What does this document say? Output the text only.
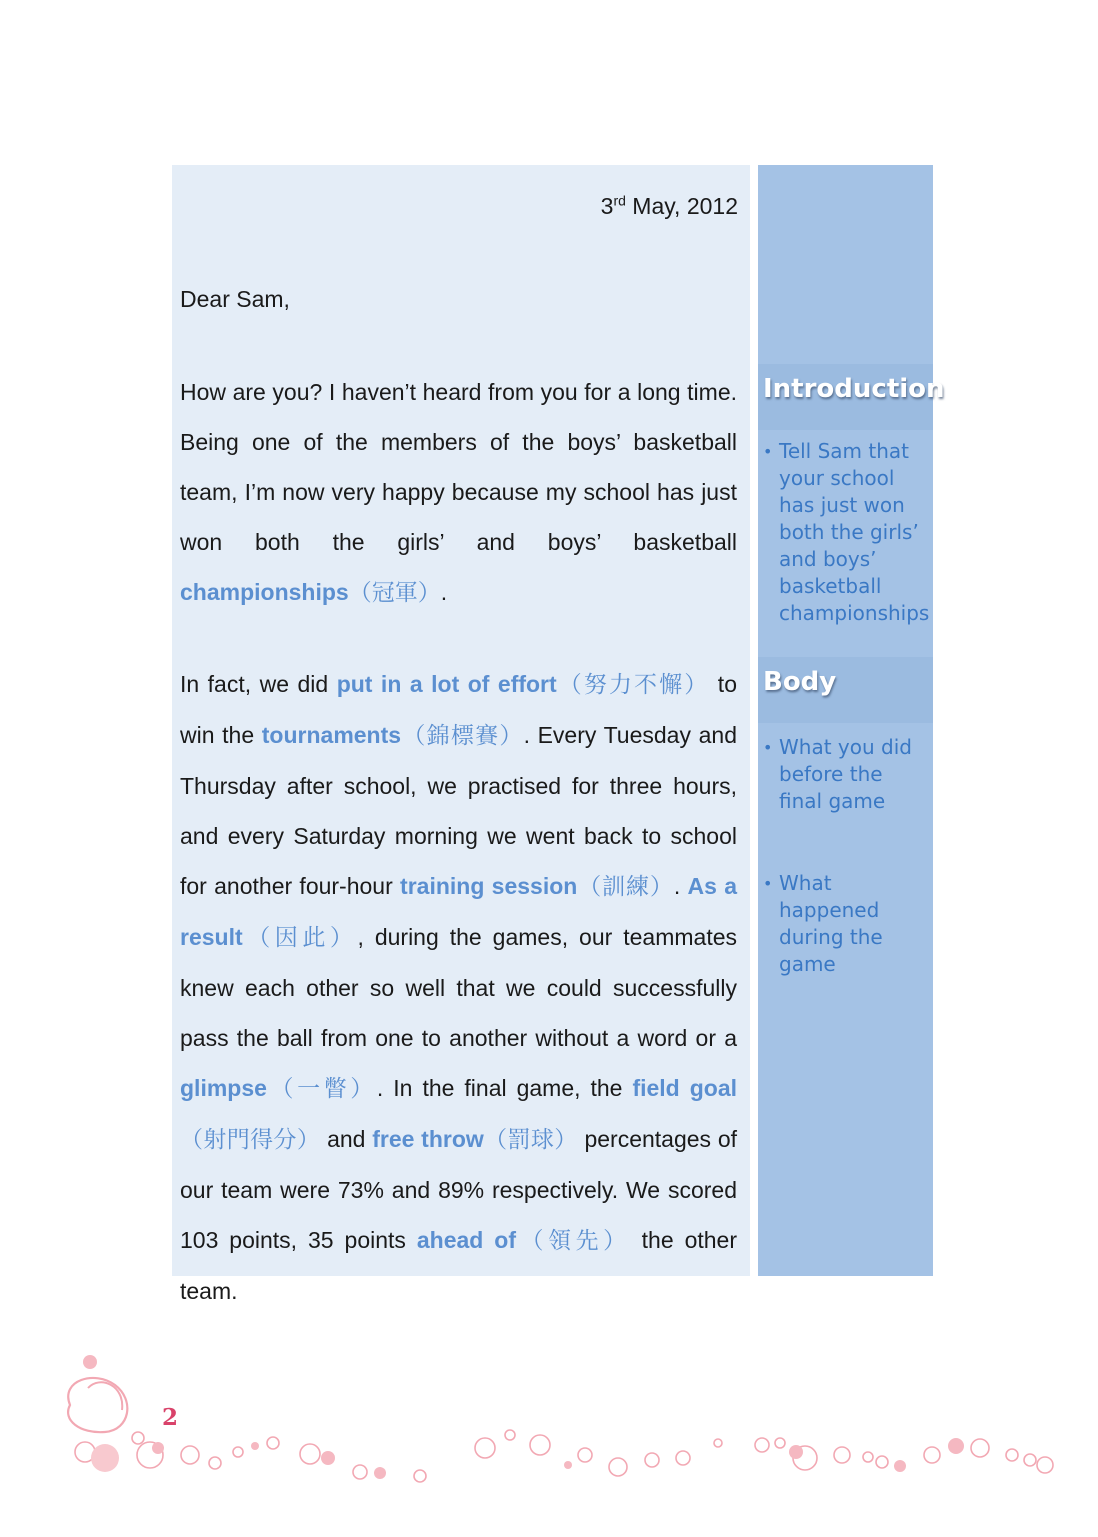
3rd May, 2012
Dear Sam,

How are you? I haven’t heard from you for a long time. Being one of the members of the boys’ basketball team, I’m now very happy because my school has just won both the girls’ and boys’ basketball championships（冠軍）.

In fact, we did put in a lot of effort（努力不懈） to win the tournaments（錦標賽）. Every Tuesday and Thursday after school, we practised for three hours, and every Saturday morning we went back to school for another four-hour training session（訓練）. As a result（因此）, during the games, our teammates knew each other so well that we could successfully pass the ball from one to another without a word or a glimpse（一瞥）. In the final game, the field goal（射門得分） and free throw（罰球） percentages of our team were 73% and 89% respectively. We scored 103 points, 35 points ahead of（領先） the other team.

Introduction
• Tell Sam that your school has just won both the girls’ and boys’ basketball championships
Body
• What you did before the final game
• What happened during the game
2
